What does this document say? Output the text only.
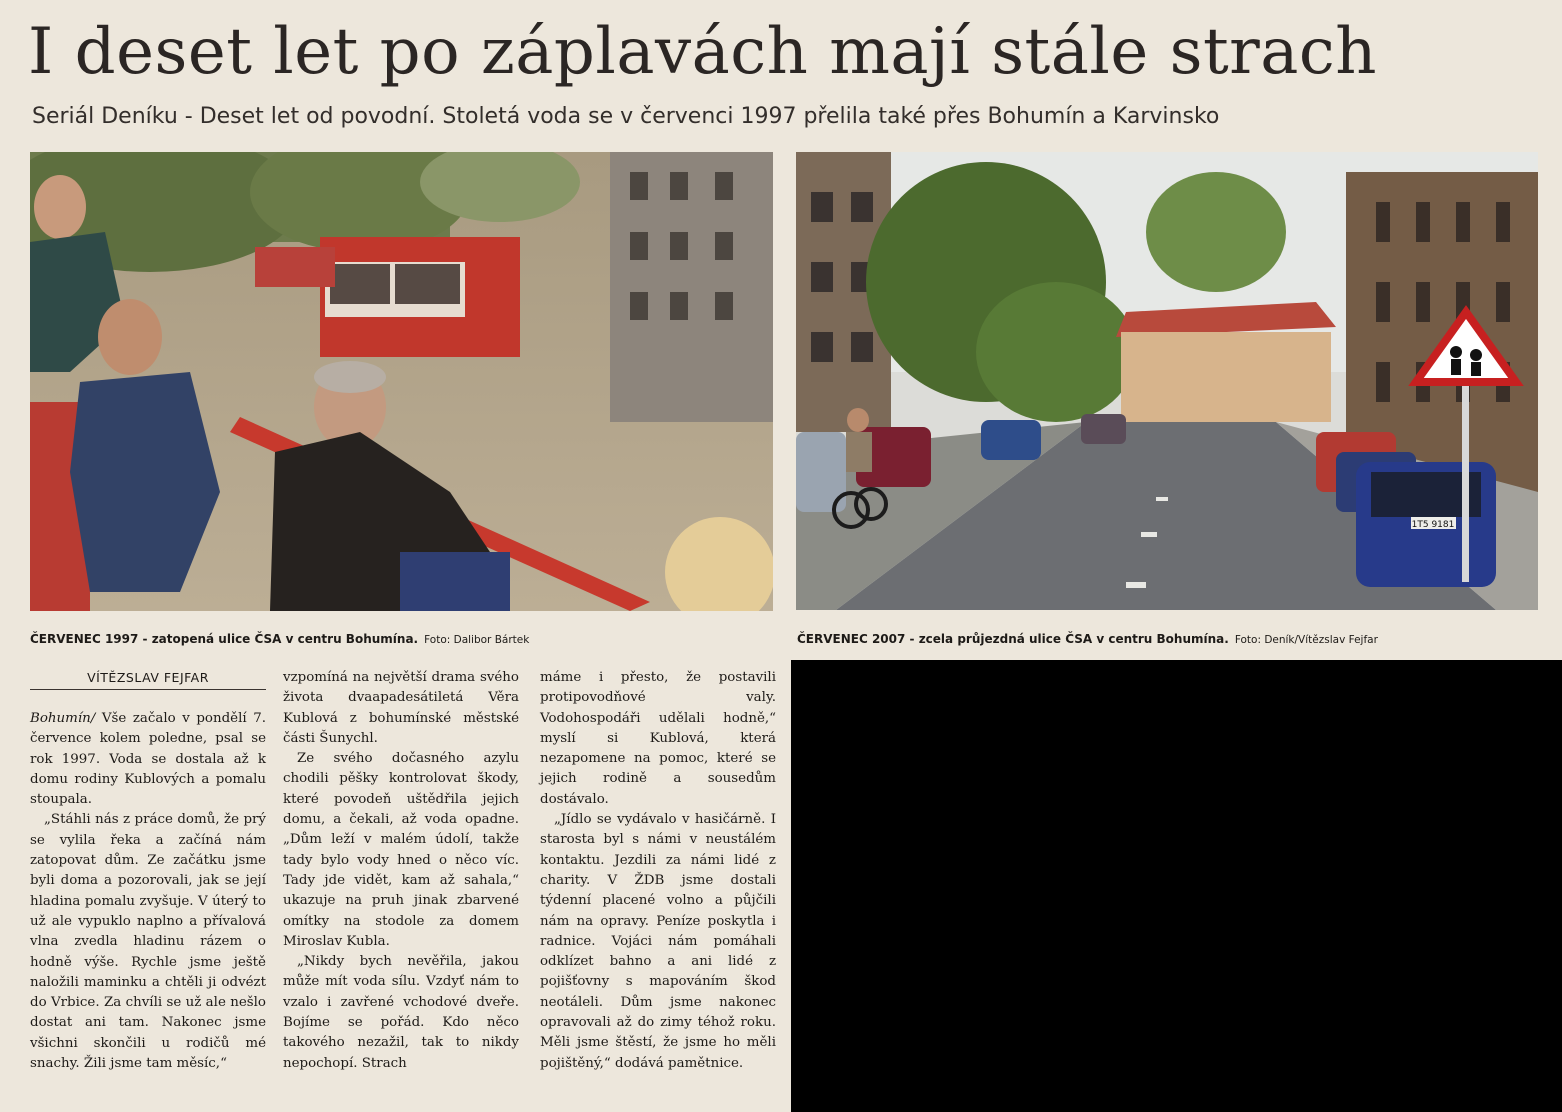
I deset let po záplavách mají stále strach
Seriál Deníku - Deset let od povodní. Stoletá voda se v červenci 1997 přelila také přes Bohumín a Karvinsko
1T5 9181
ČERVENEC 1997 - zatopená ulice ČSA v centru Bohumína. Foto: Dalibor Bártek	ČERVENEC 2007 - zcela průjezdná ulice ČSA v centru Bohumína. Foto: Deník/Vítězslav Fejfar
VÍTĚZSLAV FEJFAR

Bohumín/ Vše začalo v pondělí 7. července kolem poledne, psal se rok 1997. Voda se dostala až k domu rodiny Kublových a pomalu stoupala.

„Stáhli nás z práce domů, že prý se vylila řeka a začíná nám zatopovat dům. Ze začátku jsme byli doma a pozorovali, jak se její hladina pomalu zvyšuje. V úterý to už ale vypuklo naplno a přívalová vlna zvedla hladinu rázem o hodně výše. Rychle jsme ještě naložili maminku a chtěli ji odvézt do Vrbice. Za chvíli se už ale nešlo dostat ani tam. Nakonec jsme všichni skončili u rodičů mé snachy. Žili jsme tam měsíc,“

vzpomíná na největší drama svého života dvaapadesátiletá Věra Kublová z bohumínské městské části Šunychl.

Ze svého dočasného azylu chodili pěšky kontrolovat škody, které povodeň uštědřila jejich domu, a čekali, až voda opadne. „Dům leží v malém údolí, takže tady bylo vody hned o něco víc. Tady jde vidět, kam až sahala,“ ukazuje na pruh jinak zbarvené omítky na stodole za domem Miroslav Kubla.

„Nikdy bych nevěřila, jakou může mít voda sílu. Vzdyť nám to vzalo i zavřené vchodové dveře. Bojíme se pořád. Kdo něco takového nezažil, tak to nikdy nepochopí. Strach

máme i přesto, že postavili protipovodňové valy. Vodohospodáři udělali hodně,“ myslí si Kublová, která nezapomene na pomoc, které se jejich rodině a sousedům dostávalo.

„Jídlo se vydávalo v hasičárně. I starosta byl s námi v neustálém kontaktu. Jezdili za námi lidé z charity. V ŽDB jsme dostali týdenní placené volno a půjčili nám na opravy. Peníze poskytla i radnice. Vojáci nám pomáhali odklízet bahno a ani lidé z pojišťovny s mapováním škod neotáleli. Dům jsme nakonec opravovali až do zimy téhož roku. Měli jsme štěstí, že jsme ho měli pojištěný,“ dodává pamětnice.
